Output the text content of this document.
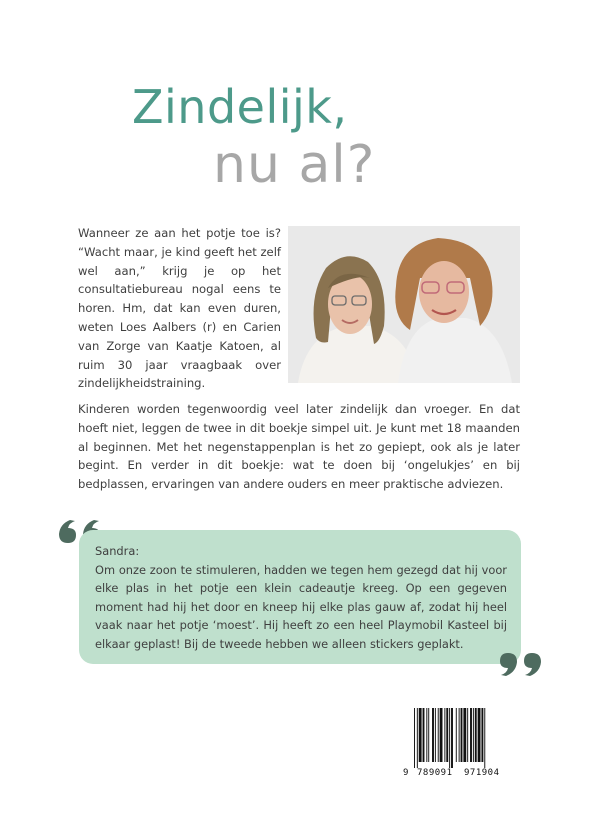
Zindelijk,
nu al?

Wanneer ze aan het potje toe is? “Wacht maar, je kind geeft het zelf wel aan,” krijg je op het consultatiebureau nogal eens te horen. Hm, dat kan even duren, weten Loes Aalbers (r) en Carien van Zorge van Kaatje Katoen, al ruim 30 jaar vraagbaak over zindelijkheidstraining.

Kinderen worden tegenwoordig veel later zindelijk dan vroeger. En dat hoeft niet, leggen de twee in dit boekje simpel uit. Je kunt met 18 maanden al beginnen. Met het negenstappenplan is het zo gepiept, ook als je later begint. En verder in dit boekje: wat te doen bij ‘ongelukjes’ en bij bedplassen, ervaringen van andere ouders en meer praktische adviezen.

Sandra:
Om onze zoon te stimuleren, hadden we tegen hem gezegd dat hij voor elke plas in het potje een klein cadeautje kreeg. Op een gegeven moment had hij het door en kneep hij elke plas gauw af, zodat hij heel vaak naar het potje ‘moest’. Hij heeft zo een heel Playmobil Kasteel bij elkaar geplast! Bij de tweede hebben we alleen stickers geplakt.

9 789091 971904
